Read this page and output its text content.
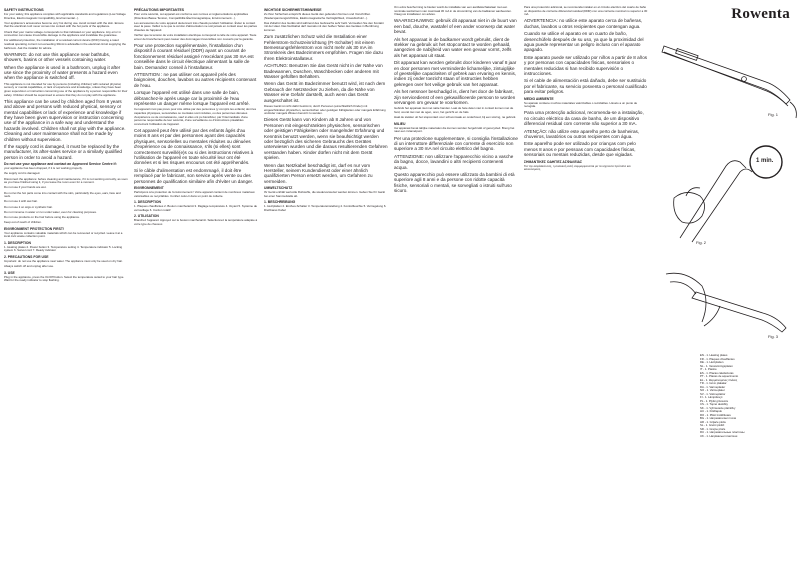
SAFETY INSTRUCTIONS

For your safety, this appliance complies with applicable standards and regulations (Low Voltage Directive, Electromagnetic Compatibility, Environmental...).

Your appliance's accessories become very hot during use. Avoid contact with the skin. Ensure that the electrical cord never comes into contact with the hot parts of the appliance.

Check that your mains voltage corresponds to that indicated on your appliance. Any error in connection can cause irreversible damage to the appliance and invalidate the guarantee.

For additional protection, the installation of a residual current device (RCD) having a rated residual operating current not exceeding 30mA is advisable in the electrical circuit supplying the bathroom. Ask the installer for advice.

WARNING: do not use this appliance near bathtubs, showers, basins or other vessels containing water.

When the appliance is used in a bathroom, unplug it after use since the proximity of water presents a hazard even when the appliance is switched off.

This appliance is not intended for use by persons (including children) with reduced physical, sensory or mental capabilities, or lack of experience and knowledge, unless they have been given supervision or instruction concerning use of the appliance by a person responsible for their safety. Children should be supervised to ensure that they do not play with the appliance.

This appliance can be used by children aged from 8 years and above and persons with reduced physical, sensory or mental capabilities or lack of experience and knowledge if they have been given supervision or instruction concerning use of the appliance in a safe way and understand the hazards involved. Children shall not play with the appliance. Cleaning and user maintenance shall not be made by children without supervision.

If the supply cord is damaged, it must be replaced by the manufacturer, its after-sales service or a similarly qualified person in order to avoid a hazard.

Do not use your appliance and contact an Approved Service Centre if:

your appliance has been dropped, if it is not working properly.

the supply cord is damaged.

Disconnect the appliance: before cleaning and maintenance, if it is not working correctly, as soon as you have finished using it, if you leave the room even for a moment.

Do not use if your hands are wet.

Do not let the hot parts come into contact with the skin, particularly the eyes, ears, face and neck.

Do not use it with wet hair.

Do not use it on wigs or synthetic hair.

Do not immerse in water or run under water, even for cleaning purposes.

Do not use products on the hair before using the appliance.

Keep out of reach of children.

ENVIRONMENT PROTECTION FIRST!

Your appliance contains valuable materials which can be recovered or recycled. Leave it at a local civic waste collection point.

1. DESCRIPTION

1. Heating plates 2. Power button 3. Temperature setting 4. Temperature indicator 5. Locking system 6. Swivel cord 7. Ready indicator

2. PRECAUTIONS FOR USE

Important: do not use the appliance near water. The appliance must only be used on dry hair.

Always switch off and unplug after use.

3. USE

Plug in the appliance, press the On/Off button. Select the temperature suited to your hair type. Wait for the ready indicator to stop flashing.

PRÉCAUTIONS IMPORTANTES

Pour votre sécurité, cet appareil est conforme aux normes et réglementations applicables (Directives Basse Tension, Compatibilité Électromagnétique, Environnement...).

Les accessoires de votre appareil deviennent très chauds pendant l'utilisation. Éviter le contact avec la peau. Veillez à ce que le cordon d'alimentation ne soit jamais en contact avec les parties chaudes de l'appareil.

Vérifier que la tension de votre installation électrique correspond à celle de votre appareil. Toute erreur de branchement peut causer des dommages irréversibles non couverts par la garantie.

Pour une protection supplémentaire, l'installation d'un dispositif à courant résiduel (DDR) ayant un courant de fonctionnement résiduel assigné n'excédant pas 30 mA est conseillée dans le circuit électrique alimentant la salle de bain. Demandez conseil à l'installateur.

ATTENTION : ne pas utiliser cet appareil près des baignoires, douches, lavabos ou autres récipients contenant de l'eau.

Lorsque l'appareil est utilisé dans une salle de bain, débranchez-le après usage car la proximité de l'eau représente un danger même lorsque l'appareil est arrêté.

Cet appareil n'est pas prévu pour être utilisé par des personnes (y compris les enfants) dont les capacités physiques, sensorielles ou mentales sont réduites, ou des personnes dénuées d'expérience ou de connaissance, sauf si elles ont pu bénéficier, par l'intermédiaire d'une personne responsable de leur sécurité, d'une surveillance ou d'instructions préalables concernant l'utilisation de l'appareil.

Cet appareil peut être utilisé par des enfants âgés d'au moins 8 ans et par des personnes ayant des capacités physiques, sensorielles ou mentales réduites ou dénuées d'expérience ou de connaissance, s'ils (si elles) sont correctement surveillé(e)s ou si des instructions relatives à l'utilisation de l'appareil en toute sécurité leur ont été données et si les risques encourus ont été appréhendés.

Si le câble d'alimentation est endommagé, il doit être remplacé par le fabricant, son service après vente ou des personnes de qualification similaire afin d'éviter un danger.

ENVIRONNEMENT

Participons à la protection de l'environnement ! Votre appareil contient de nombreux matériaux valorisables ou recyclables. Confiez celui-ci dans un point de collecte.

1. DESCRIPTION

1. Plaques chauffantes 2. Bouton marche/arrêt 3. Réglage température 4. Voyant 5. Système de verrouillage 6. Cordon rotatif

2. UTILISATION

Branchez l'appareil. Appuyez sur le bouton marche/arrêt. Sélectionnez la température adaptée à votre type de cheveux.

WICHTIGE SICHERHEITSHINWEISE

Zu Ihrer Sicherheit entspricht dieses Gerät den geltenden Normen und Vorschriften (Niederspannungsrichtlinie, Elektromagnetische Verträglichkeit, Umweltschutz...).

Das Zubehör des Geräts wird während des Gebrauchs sehr heiß. Vermeiden Sie den Kontakt mit der Haut. Das Netzkabel darf niemals mit den heißen Teilen des Gerätes in Berührung kommen.

Zum zusätzlichen Schutz wird die Installation einer Fehlerstrom-Schutzeinrichtung (FI-Schalter) mit einem Bemessungsfehlerstrom von nicht mehr als 30 mA im Stromkreis des Badezimmers empfohlen. Fragen Sie dazu Ihren Elektroinstallateur.

ACHTUNG: Benutzen Sie das Gerät nicht in der Nähe von Badewannen, Duschen, Waschbecken oder anderen mit Wasser gefüllten Behältern.

Wenn das Gerät im Badezimmer benutzt wird, ist nach dem Gebrauch der Netzstecker zu ziehen, da die Nähe von Wasser eine Gefahr darstellt, auch wenn das Gerät ausgeschaltet ist.

Dieses Gerät ist nicht dafür bestimmt, durch Personen (einschließlich Kinder) mit eingeschränkten physischen, sensorischen oder geistigen Fähigkeiten oder mangels Erfahrung und/oder mangels Wissen benutzt zu werden.

Dieses Gerät kann von Kindern ab 8 Jahren und von Personen mit eingeschränkten physischen, sensorischen oder geistigen Fähigkeiten oder mangelnder Erfahrung und Kenntnis benutzt werden, wenn sie beaufsichtigt werden oder bezüglich des sicheren Gebrauchs des Gerätes unterwiesen wurden und die daraus resultierenden Gefahren verstanden haben. Kinder dürfen nicht mit dem Gerät spielen.

Wenn das Netzkabel beschädigt ist, darf es nur vom Hersteller, seinem Kundendienst oder einer ähnlich qualifizierten Person ersetzt werden, um Gefahren zu vermeiden.

UMWELTSCHUTZ

Ihr Gerät enthält wertvolle Rohstoffe, die wiederverwertet werden können. Geben Sie Ihr Gerät bei einer Sammelstelle ab.

1. BESCHREIBUNG

1. Heizplatten 2. Ein/Aus-Schalter 3. Temperatureinstellung 4. Kontrollleuchte 5. Verriegelung 6. Drehbares Kabel

Om extra bescherming te bieden wordt de installatie van een aardlekschakelaar met een nominale werkstroom van maximaal 30 mA in de stroomkring van de badkamer aanbevolen. Vraag uw installateur om advies.

WAARSCHUWING: gebruik dit apparaat niet in de buurt van een bad, douche, wastafel of een ander voorwerp dat water bevat.

Als het apparaat in de badkamer wordt gebruikt, dient de stekker na gebruik uit het stopcontact te worden gehaald, aangezien de nabijheid van water een gevaar vormt, zelfs als het apparaat uit staat.

Dit apparaat kan worden gebruikt door kinderen vanaf 8 jaar en door personen met verminderde lichamelijke, zintuiglijke of geestelijke capaciteiten of gebrek aan ervaring en kennis, indien zij onder toezicht staan of instructies hebben gekregen over het veilige gebruik van het apparaat.

Als het netsnoer beschadigd is, dient het door de fabrikant, zijn servicedienst of een gekwalificeerde persoon te worden vervangen om gevaar te voorkomen.

Gebruik het apparaat niet met natte handen. Laat de hete delen niet in contact komen met de huid, vooral niet met de ogen, oren, het gezicht en de hals.

Haal de stekker uit het stopcontact voor schoonmaak en onderhoud, bij een storing, na gebruik.

MILIEU

Uw apparaat bevat talrijke materialen die kunnen worden hergebruikt of gerecycled. Breng het naar een inzamelpunt.

Per una protezione supplementare, si consiglia l'installazione di un interruttore differenziale con corrente di esercizio non superiore a 30 mA nel circuito elettrico del bagno.

ATTENZIONE: non utilizzare l'apparecchio vicino a vasche da bagno, docce, lavandini o altri recipienti contenenti acqua.

Questo apparecchio può essere utilizzato da bambini di età superiore agli 8 anni e da persone con ridotte capacità fisiche, sensoriali o mentali, se sorvegliati o istruiti sull'uso sicuro.

Para una protección adicional, se recomienda instalar en el circuito eléctrico del cuarto de baño un dispositivo de corriente diferencial residual (DDR) con una corriente nominal no superior a 30 mA.

ADVERTENCIA: no utilice este aparato cerca de bañeras, duchas, lavabos u otros recipientes que contengan agua.

Cuando se utilice el aparato en un cuarto de baño, desenchúfelo después de su uso, ya que la proximidad del agua puede representar un peligro incluso con el aparato apagado.

Este aparato puede ser utilizado por niños a partir de 8 años y por personas con capacidades físicas, sensoriales o mentales reducidas si han recibido supervisión o instrucciones.

Si el cable de alimentación está dañado, debe ser sustituido por el fabricante, su servicio posventa o personal cualificado para evitar peligros.

MEDIO AMBIENTE

Su aparato contiene muchos materiales valorizables o reciclables. Llévelo a un punto de recogida.

Para uma protecção adicional, recomenda-se a instalação, no circuito eléctrico da casa de banho, de um dispositivo diferencial residual com corrente não superior a 30 mA.

ATENÇÃO: não utilize este aparelho perto de banheiras, chuveiros, lavatórios ou outros recipientes com água.

Este aparelho pode ser utilizado por crianças com pelo menos 8 anos e por pessoas com capacidades físicas, sensoriais ou mentais reduzidas, desde que vigiadas.

ΣΗΜΑΝΤΙΚΕΣ ΟΔΗΓΙΕΣ ΑΣΦΑΛΕΙΑΣ

Για την ασφάλειά σας, η συσκευή αυτή συμμορφώνεται με τα ισχύοντα πρότυπα και κανονισμούς.

Rowenta
Fig. 1
1 min.
Fig. 2
Fig. 3
EN - 1. Heating plates
FR - 1. Plaques chauffantes
DE - 1. Heizplatten
NL - 1. Verwarmingsplaten
IT - 1. Piastre
ES - 1. Placas calefactoras
PT - 1. Placas de aquecimento
EL - 1. Θερμαινόμενες πλάκες
TR - 1. Isıtıcı plakalar
DA - 1. Varmeplader
NO - 1. Varmeplater
SV - 1. Värmeplattor
FI - 1. Lämpölevyt
PL - 1. Płytki grzewcze
CS - 1. Topné destičky
SK - 1. Vyhrievacie platničky
HU - 1. Fűtőlapok
RO - 1. Plăci încălzitoare
BG - 1. Нагревателни плочи
HR - 1. Grijaće ploče
SL - 1. Grelni plošči
SR - 1. Grejne ploče
RU - 1. Нагревательные пластины
UK - 1. Нагрівальні пластини
